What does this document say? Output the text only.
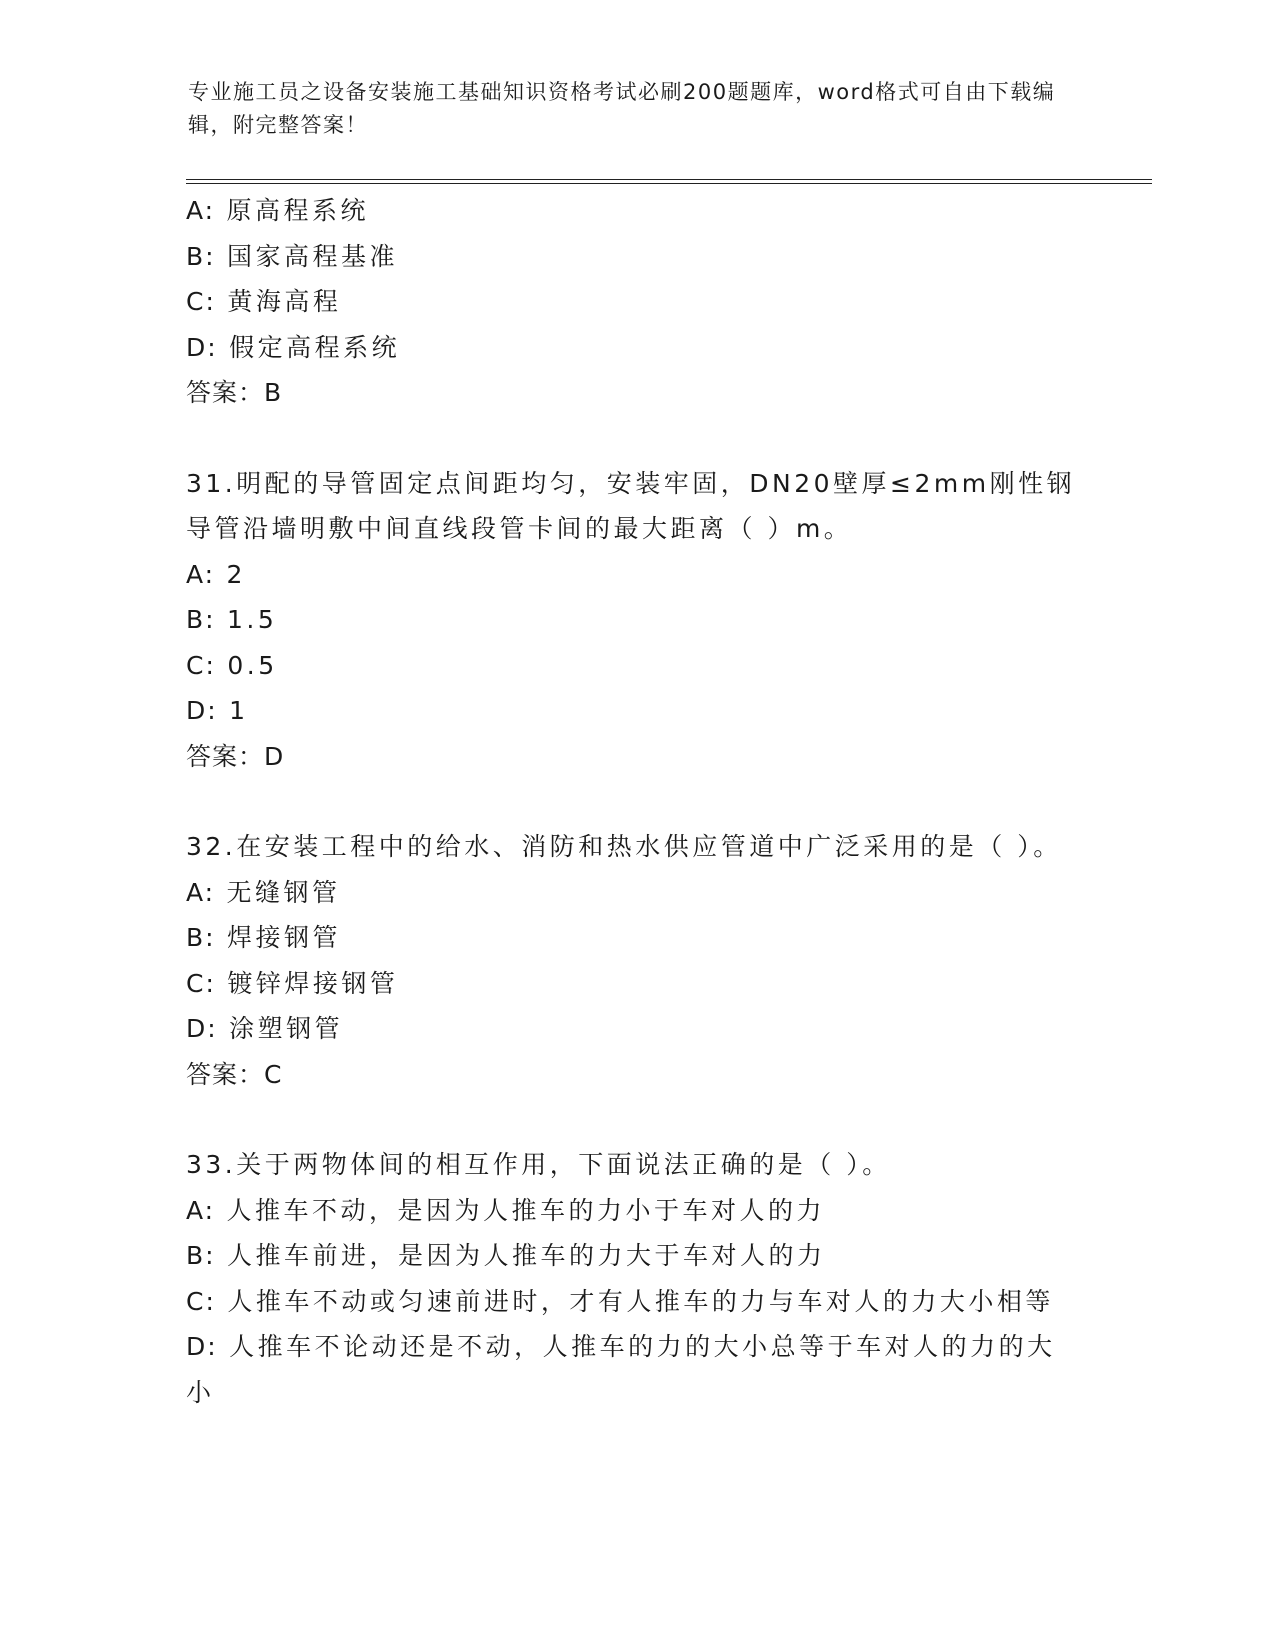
专业施工员之设备安装施工基础知识资格考试必刷200题题库，word格式可自由下载编辑，附完整答案！
A: 原高程系统
B: 国家高程基准
C: 黄海高程
D: 假定高程系统
答案：B
31.明配的导管固定点间距均匀，安装牢固，DN20壁厚≤2mm刚性钢导管沿墙明敷中间直线段管卡间的最大距离（ ）m。
A: 2
B: 1.5
C: 0.5
D: 1
答案：D
32.在安装工程中的给水、消防和热水供应管道中广泛采用的是（ ）。
A: 无缝钢管
B: 焊接钢管
C: 镀锌焊接钢管
D: 涂塑钢管
答案：C
33.关于两物体间的相互作用，下面说法正确的是（ ）。
A: 人推车不动，是因为人推车的力小于车对人的力
B: 人推车前进，是因为人推车的力大于车对人的力
C: 人推车不动或匀速前进时，才有人推车的力与车对人的力大小相等
D: 人推车不论动还是不动，人推车的力的大小总等于车对人的力的大小
